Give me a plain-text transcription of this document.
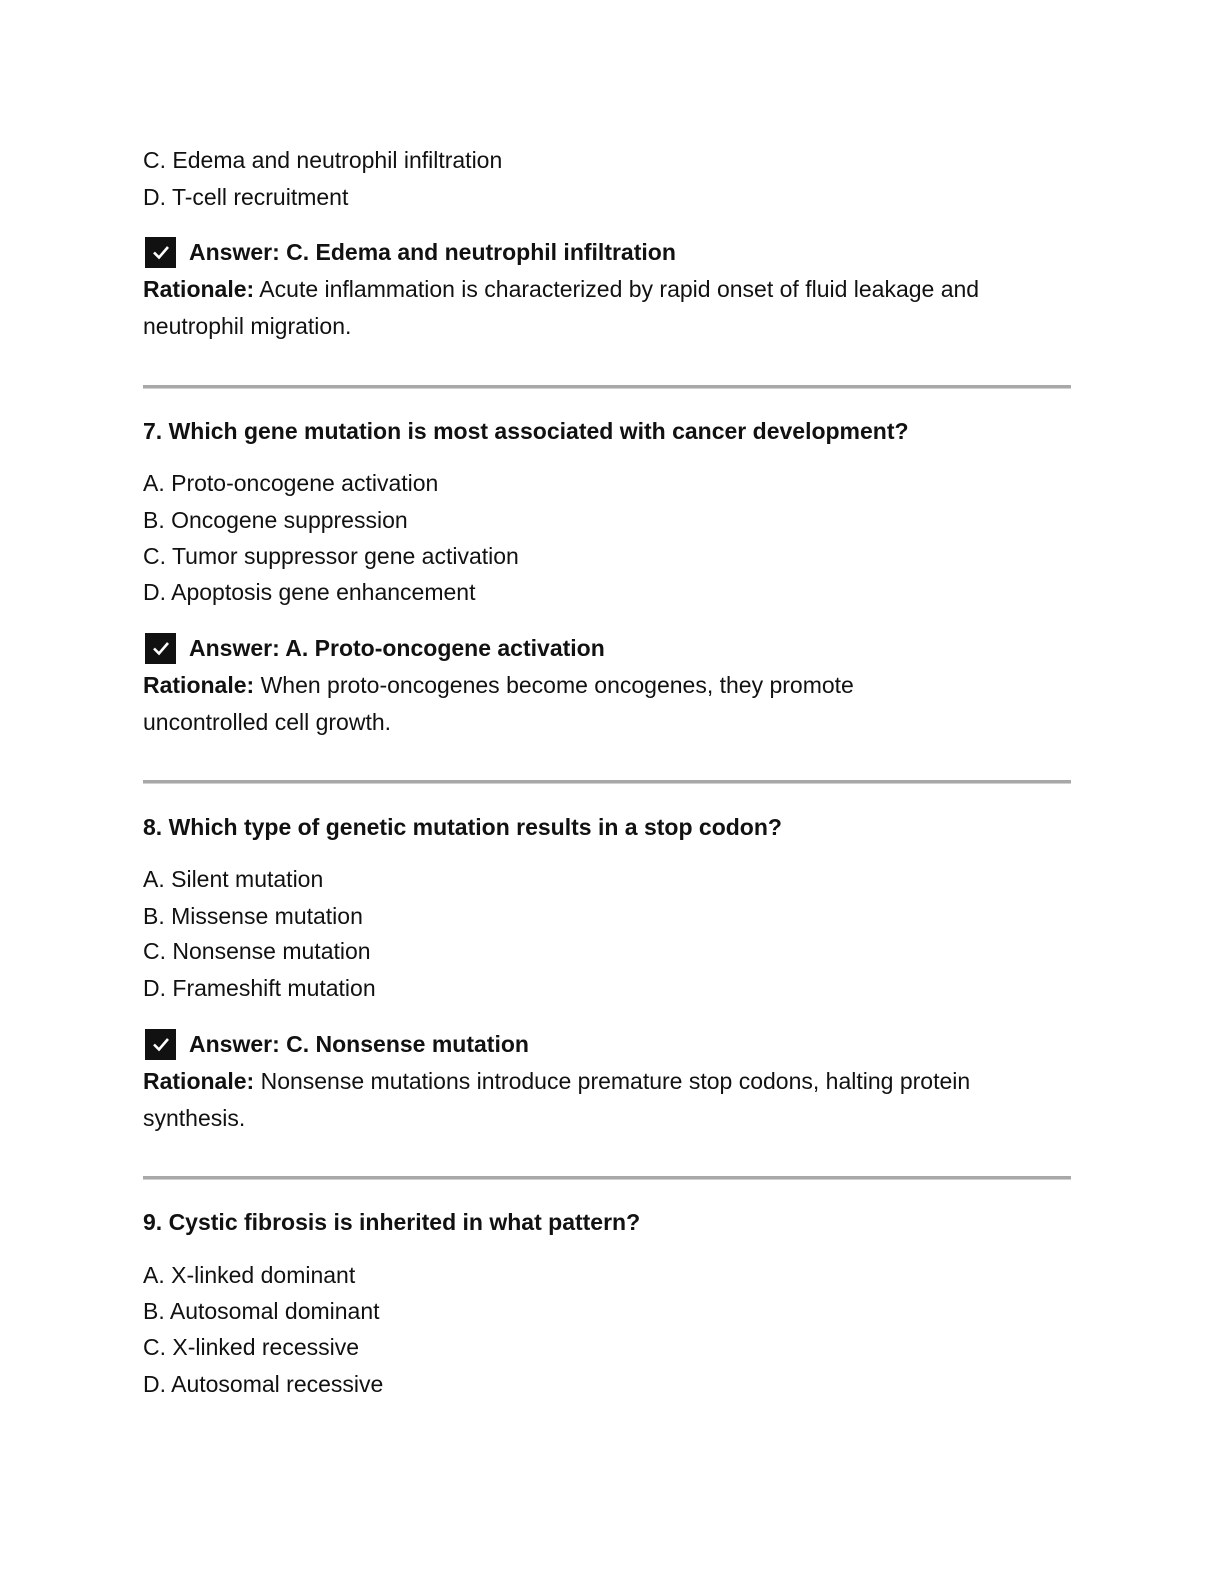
C. Edema and neutrophil infiltration
D. T-cell recruitment
Answer: C. Edema and neutrophil infiltration
Rationale: Acute inflammation is characterized by rapid onset of fluid leakage and
neutrophil migration.
7. Which gene mutation is most associated with cancer development?
A. Proto-oncogene activation
B. Oncogene suppression
C. Tumor suppressor gene activation
D. Apoptosis gene enhancement
Answer: A. Proto-oncogene activation
Rationale: When proto-oncogenes become oncogenes, they promote
uncontrolled cell growth.
8. Which type of genetic mutation results in a stop codon?
A. Silent mutation
B. Missense mutation
C. Nonsense mutation
D. Frameshift mutation
Answer: C. Nonsense mutation
Rationale: Nonsense mutations introduce premature stop codons, halting protein
synthesis.
9. Cystic fibrosis is inherited in what pattern?
A. X-linked dominant
B. Autosomal dominant
C. X-linked recessive
D. Autosomal recessive
